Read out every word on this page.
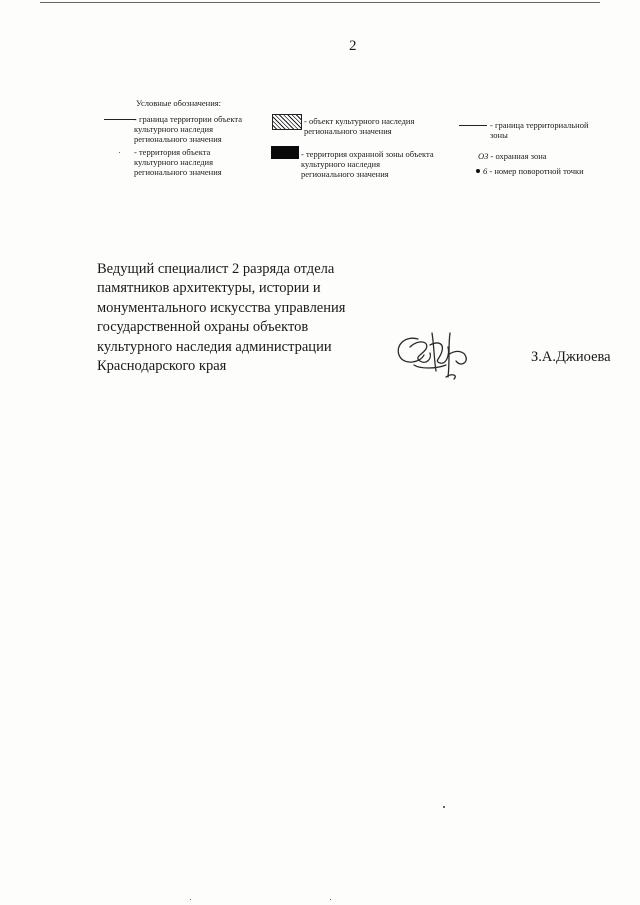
2
Условные обозначения:
- граница территории объекта
культурного наследия
регионального значения
- объект культурного наследия
регионального значения
- граница территориальной
зоны
- территория объекта
культурного наследия
регионального значения
- территория охранной зоны объекта
культурного наследия
регионального значения
ОЗ - охранная зона
6 - номер поворотной точки
Ведущий специалист 2 разряда отдела
памятников архитектуры, истории и
монументального искусства управления
государственной охраны объектов
культурного наследия администрации
Краснодарского края
З.А.Джиоева
